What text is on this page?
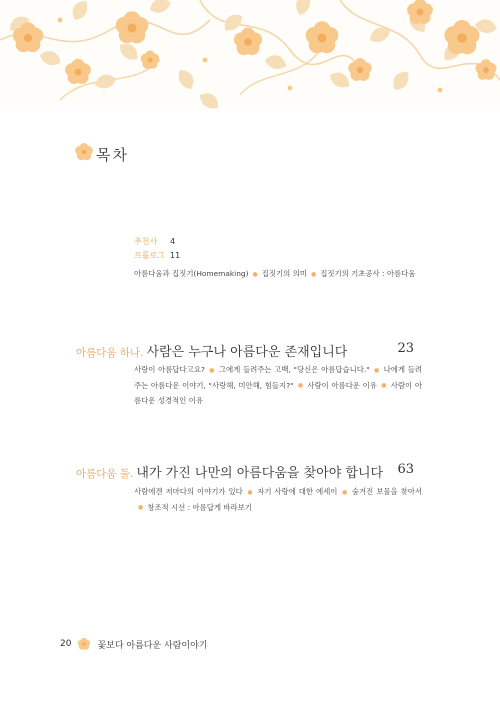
목차
추천사 4
프롤로그 11
아름다움과 집짓기(Homemaking) ● 집짓기의 의미 ● 집짓기의 기초공사 : 아름다움
아름다움 하나. 사람은 누구나 아름다운 존재입니다	23
사랑이 아름답다고요? ● 그에게 들려주는 고백, "당신은 아름답습니다." ● 나에게 들려주는 아름다운 이야기, "사랑해, 미안해, 힘들지?" ● 사람이 아름다운 이유 ● 사람이 아름다운 성경적인 이유
아름다움 둘. 내가 가진 나만의 아름다움을 찾아야 합니다 63
사람에겐 저마다의 이야기가 있다 ● 자기 사랑에 대한 에세이 ● 숨겨진 보물을 찾아서● 창조적 시선 : 아름답게 바라보기
20	꽃보다 아름다운 사람이야기
